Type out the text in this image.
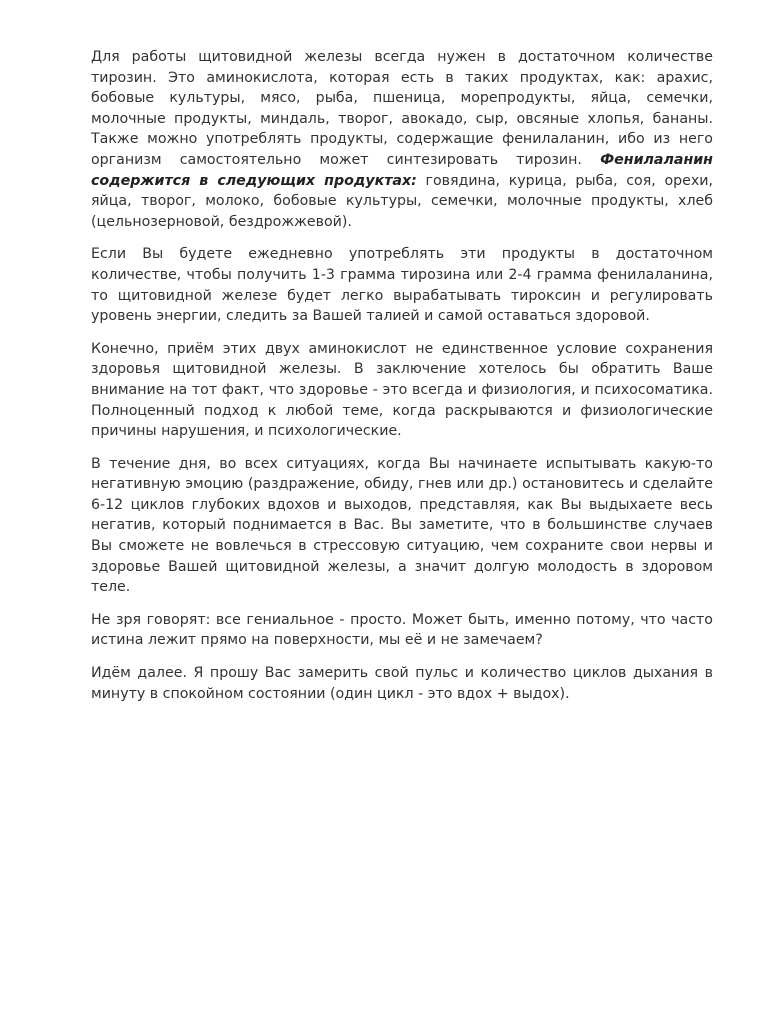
Для работы щитовидной железы всегда нужен в достаточном количестве тирозин. Это аминокислота, которая есть в таких продуктах, как: арахис, бобовые культуры, мясо, рыба, пшеница, морепродукты, яйца, семечки, молочные продукты, миндаль, творог, авокадо, сыр, овсяные хлопья, бананы. Также можно употреблять продукты, содержащие фенилаланин, ибо из него организм самостоятельно может синтезировать тирозин. Фенилаланин содержится в следующих продуктах: говядина, курица, рыба, соя, орехи, яйца, творог, молоко, бобовые культуры, семечки, молочные продукты, хлеб (цельнозерновой, бездрожжевой).

Если Вы будете ежедневно употреблять эти продукты в достаточном количестве, чтобы получить 1-3 грамма тирозина или 2-4 грамма фенилаланина, то щитовидной железе будет легко вырабатывать тироксин и регулировать уровень энергии, следить за Вашей талией и самой оставаться здоровой.

Конечно, приём этих двух аминокислот не единственное условие сохранения здоровья щитовидной железы. В заключение хотелось бы обратить Ваше внимание на тот факт, что здоровье - это всегда и физиология, и психосоматика. Полноценный подход к любой теме, когда раскрываются и физиологические причины нарушения, и психологические.

В течение дня, во всех ситуациях, когда Вы начинаете испытывать какую-то негативную эмоцию (раздражение, обиду, гнев или др.) остановитесь и сделайте 6-12 циклов глубоких вдохов и выходов, представляя, как Вы выдыхаете весь негатив, который поднимается в Вас. Вы заметите, что в большинстве случаев Вы сможете не вовлечься в стрессовую ситуацию, чем сохраните свои нервы и здоровье Вашей щитовидной железы, а значит долгую молодость в здоровом теле.

Не зря говорят: все гениальное - просто. Может быть, именно потому, что часто истина лежит прямо на поверхности, мы её и не замечаем?

Идём далее. Я прошу Вас замерить свой пульс и количество циклов дыхания в минуту в спокойном состоянии (один цикл - это вдох + выдох).
